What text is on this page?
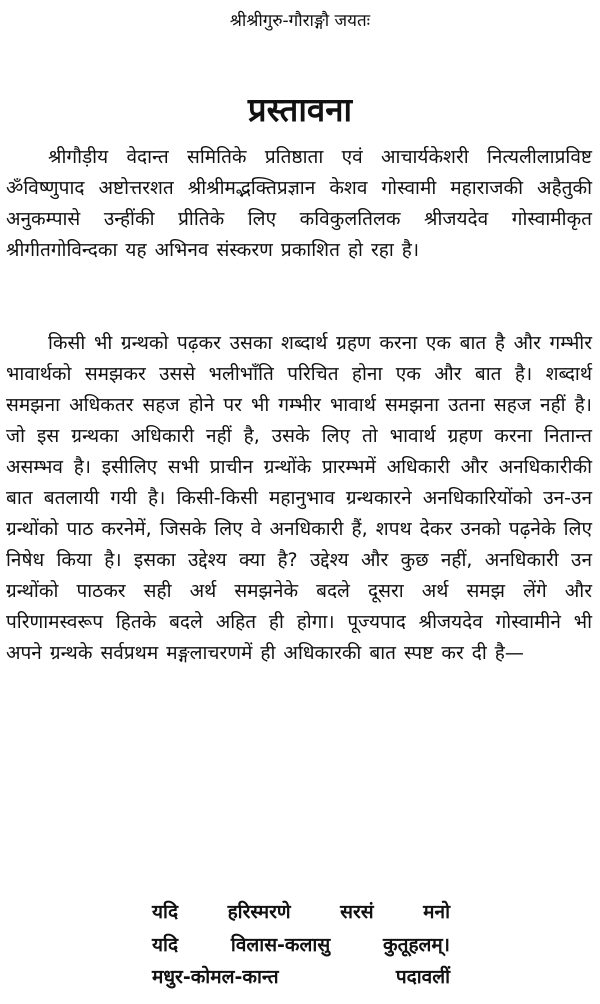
श्रीश्रीगुरु-गौराङ्गौ जयतः
प्रस्तावना

श्रीगौड़ीय वेदान्त समितिके प्रतिष्ठाता एवं आचार्यकेशरी नित्यलीलाप्रविष्ट ॐविष्णुपाद अष्टोत्तरशत श्रीश्रीमद्भक्तिप्रज्ञान केशव गोस्वामी महाराजकी अहैतुकी अनुकम्पासे उन्हींकी प्रीतिके लिए कविकुलतिलक श्रीजयदेव गोस्वामीकृत श्रीगीतगोविन्दका यह अभिनव संस्करण प्रकाशित हो रहा है।

किसी भी ग्रन्थको पढ़कर उसका शब्दार्थ ग्रहण करना एक बात है और गम्भीर भावार्थको समझकर उससे भलीभाँति परिचित होना एक और बात है। शब्दार्थ समझना अधिकतर सहज होने पर भी गम्भीर भावार्थ समझना उतना सहज नहीं है। जो इस ग्रन्थका अधिकारी नहीं है, उसके लिए तो भावार्थ ग्रहण करना नितान्त असम्भव है। इसीलिए सभी प्राचीन ग्रन्थोंके प्रारम्भमें अधिकारी और अनधिकारीकी बात बतलायी गयी है। किसी-किसी महानुभाव ग्रन्थकारने अनधिकारियोंको उन-उन ग्रन्थोंको पाठ करनेमें, जिसके लिए वे अनधिकारी हैं, शपथ देकर उनको पढ़नेके लिए निषेध किया है। इसका उद्देश्य क्या है? उद्देश्य और कुछ नहीं, अनधिकारी उन ग्रन्थोंको पाठकर सही अर्थ समझनेके बदले दूसरा अर्थ समझ लेंगे और परिणामस्वरूप हितके बदले अहित ही होगा। पूज्यपाद श्रीजयदेव गोस्वामीने भी अपने ग्रन्थके सर्वप्रथम मङ्गलाचरणमें ही अधिकारकी बात स्पष्ट कर दी है—

यदि हरिस्मरणे सरसं मनो
यदि विलास-कलासु कुतूहलम्।
मधुर-कोमल-कान्त पदावलीं
